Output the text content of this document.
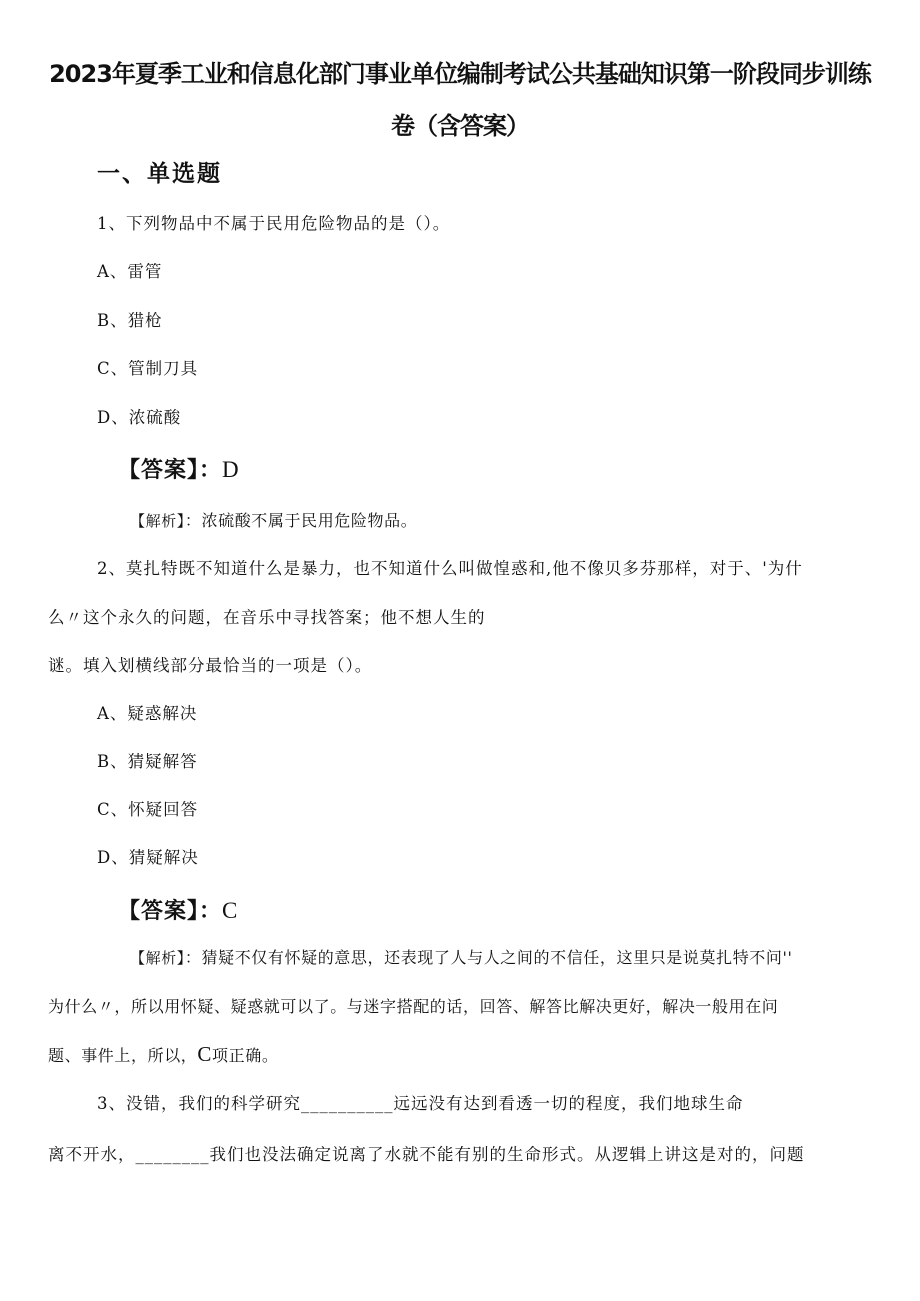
2023年夏季工业和信息化部门事业单位编制考试公共基础知识第一阶段同步训练
卷（含答案）
一、单选题
1、下列物品中不属于民用危险物品的是（）。
A、雷管
B、猎枪
C、管制刀具
D、浓硫酸
【答案】：D
【解析】：浓硫酸不属于民用危险物品。
2、莫扎特既不知道什么是暴力，也不知道什么叫做惶惑和,他不像贝多芬那样，对于、'为什
么〃这个永久的问题，在音乐中寻找答案；他不想人生的
谜。填入划横线部分最恰当的一项是（）。
A、疑惑解决
B、猜疑解答
C、怀疑回答
D、猜疑解决
【答案】：C
【解析】：猜疑不仅有怀疑的意思，还表现了人与人之间的不信任，这里只是说莫扎特不问''
为什么〃，所以用怀疑、疑惑就可以了。与迷字搭配的话，回答、解答比解决更好，解决一般用在问
题、事件上，所以，C项正确。
3、没错，我们的科学研究__________远远没有达到看透一切的程度，我们地球生命
离不开水，________我们也没法确定说离了水就不能有别的生命形式。从逻辑上讲这是对的，问题
